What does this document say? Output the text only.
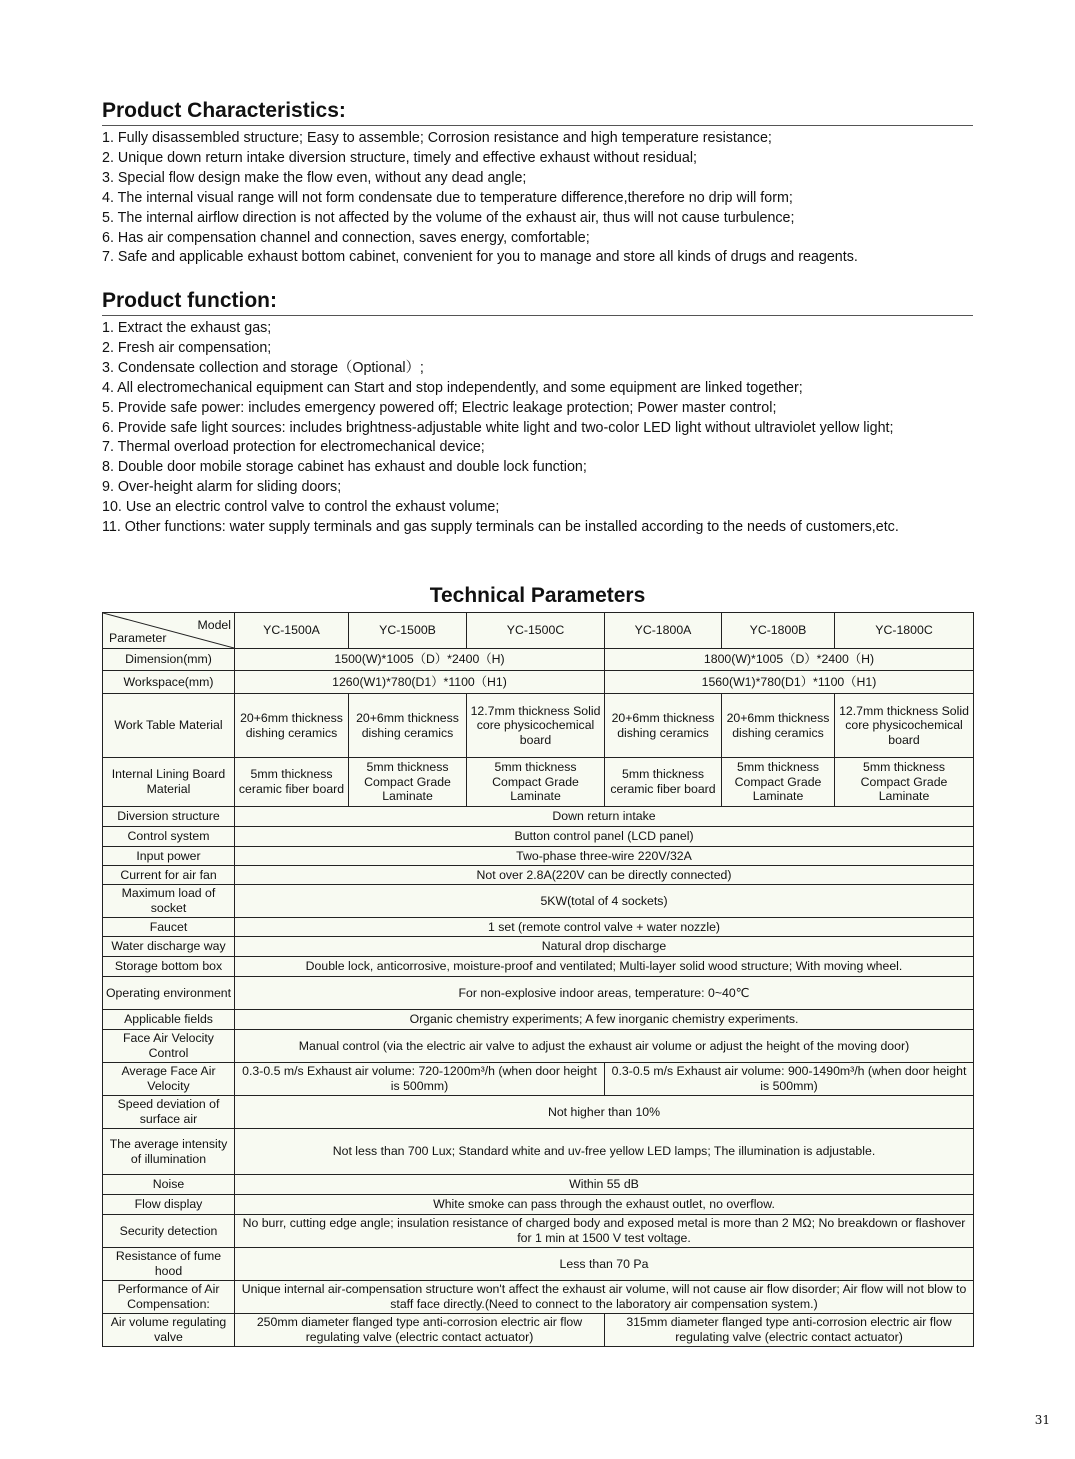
Product Characteristics:
1. Fully disassembled structure; Easy to assemble; Corrosion resistance and high temperature resistance;
2. Unique down return intake diversion structure, timely and effective exhaust without residual;
3. Special flow design make the flow even, without any dead angle;
4. The internal visual range will not form condensate due to temperature difference,therefore no drip will form;
5. The internal airflow direction is not affected by the volume of the exhaust air, thus will not cause turbulence;
6. Has air compensation channel and connection, saves energy, comfortable;
7. Safe and applicable exhaust bottom cabinet, convenient for you to manage and store all kinds of drugs and reagents.
Product function:
1. Extract the exhaust gas;
2. Fresh air compensation;
3. Condensate collection and storage（Optional）;
4. All electromechanical equipment can Start and stop independently, and some equipment are linked together;
5. Provide safe power: includes emergency powered off; Electric leakage protection; Power master control;
6. Provide safe light sources: includes brightness-adjustable white light and two-color LED light without ultraviolet yellow light;
7. Thermal overload protection for electromechanical device;
8. Double door mobile storage cabinet has exhaust and double lock function;
9. Over-height alarm for sliding doors;
10. Use an electric control valve to control the exhaust volume;
11. Other functions: water supply terminals and gas supply terminals can be installed according to the needs of customers,etc.
Technical Parameters
Model
Parameter	YC-1500A	YC-1500B	YC-1500C	YC-1800A	YC-1800B	YC-1800C
Dimension(mm)	1500(W)*1005（D）*2400（H)			1800(W)*1005（D）*2400（H)		
Workspace(mm)	1260(W1)*780(D1）*1100（H1)			1560(W1)*780(D1）*1100（H1)		
Work Table Material	20+6mm thickness dishing ceramics	20+6mm thickness dishing ceramics	12.7mm thickness Solid core physicochemical board	20+6mm thickness dishing ceramics	20+6mm thickness dishing ceramics	12.7mm thickness Solid core physicochemical board
Internal Lining Board Material	5mm thickness ceramic fiber board	5mm thickness Compact Grade Laminate	5mm thickness Compact Grade Laminate	5mm thickness ceramic fiber board	5mm thickness Compact Grade Laminate	5mm thickness Compact Grade Laminate
Diversion structure	Down return intake					
Control system	Button control panel (LCD panel)					
Input power	Two-phase three-wire 220V/32A					
Current for air fan	Not over 2.8A(220V can be directly connected)					
Maximum load of socket	5KW(total of 4 sockets)					
Faucet	1 set (remote control valve + water nozzle)					
Water discharge way	Natural drop discharge					
Storage bottom box	Double lock, anticorrosive, moisture-proof and ventilated; Multi-layer solid wood structure; With moving wheel.					
Operating environment	For non-explosive indoor areas, temperature: 0~40℃					
Applicable fields	Organic chemistry experiments; A few inorganic chemistry experiments.					
Face Air Velocity Control	Manual control (via the electric air valve to adjust the exhaust air volume or adjust the height of the moving door)					
Average Face Air Velocity	0.3-0.5 m/s Exhaust air volume: 720-1200m³/h (when door height is 500mm)			0.3-0.5 m/s Exhaust air volume: 900-1490m³/h (when door height is 500mm)		
Speed deviation of surface air	Not higher than 10%					
The average intensity of illumination	Not less than 700 Lux; Standard white and uv-free yellow LED lamps; The illumination is adjustable.					
Noise	Within 55 dB					
Flow display	White smoke can pass through the exhaust outlet, no overflow.					
Security detection	No burr, cutting edge angle; insulation resistance of charged body and exposed metal is more than 2 MΩ; No breakdown or flashover for 1 min at 1500 V test voltage.					
Resistance of fume hood	Less than 70 Pa					
Performance of Air Compensation:	Unique internal air-compensation structure won't affect the exhaust air volume, will not cause air flow disorder; Air flow will not blow to staff face directly.(Need to connect to the laboratory air compensation system.)					
Air volume regulating valve	250mm diameter flanged type anti-corrosion electric air flow regulating valve (electric contact actuator)			315mm diameter flanged type anti-corrosion electric air flow regulating valve (electric contact actuator)		
31
